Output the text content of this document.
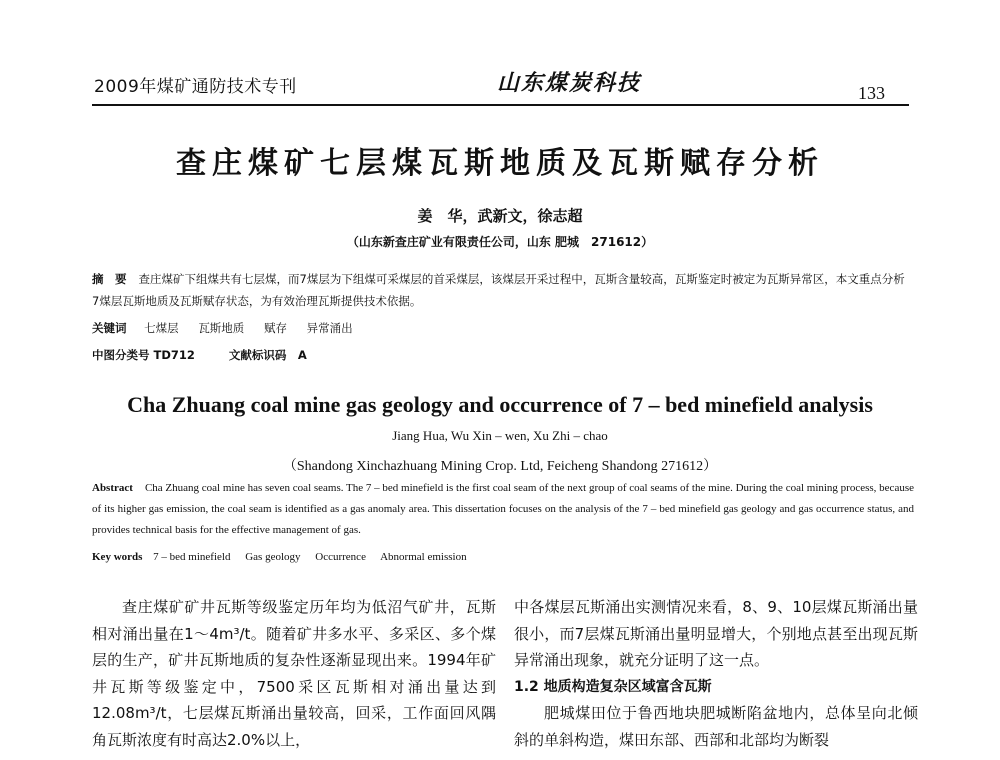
2009年煤矿通防技术专刊	山东煤炭科技	133
查庄煤矿七层煤瓦斯地质及瓦斯赋存分析
姜　华，武新文，徐志超
（山东新查庄矿业有限责任公司，山东 肥城　271612）
摘　要 查庄煤矿下组煤共有七层煤，而7煤层为下组煤可采煤层的首采煤层，该煤层开采过程中，瓦斯含量较高，瓦斯鉴定时被定为瓦斯异常区，本文重点分析7煤层瓦斯地质及瓦斯赋存状态，为有效治理瓦斯提供技术依据。
关键词 七煤层 瓦斯地质 赋存 异常涌出
中图分类号 TD712	文献标识码　A
Cha Zhuang coal mine gas geology and occurrence of 7 – bed minefield analysis
Jiang Hua, Wu Xin – wen, Xu Zhi – chao
（Shandong Xinchazhuang Mining Crop. Ltd, Feicheng Shandong 271612）
Abstract Cha Zhuang coal mine has seven coal seams. The 7 – bed minefield is the first coal seam of the next group of coal seams of the mine. During the coal mining process, because of its higher gas emission, the coal seam is identified as a gas anomaly area. This dissertation focuses on the analysis of the 7 – bed minefield gas geology and gas occurrence status, and provides technical basis for the effective management of gas.
Key words 7 – bed minefield Gas geology Occurrence Abnormal emission

查庄煤矿矿井瓦斯等级鉴定历年均为低沼气矿井，瓦斯相对涌出量在1～4m³/t。随着矿井多水平、多采区、多个煤层的生产，矿井瓦斯地质的复杂性逐渐显现出来。1994年矿井瓦斯等级鉴定中，7500采区瓦斯相对涌出量达到12.08m³/t，七层煤瓦斯涌出量较高，回采，工作面回风隅角瓦斯浓度有时高达2.0%以上，

中各煤层瓦斯涌出实测情况来看，8、9、10层煤瓦斯涌出量很小，而7层煤瓦斯涌出量明显增大，个别地点甚至出现瓦斯异常涌出现象，就充分证明了这一点。

1.2 地质构造复杂区域富含瓦斯

肥城煤田位于鲁西地块肥城断陷盆地内，总体呈向北倾斜的单斜构造，煤田东部、西部和北部均为断裂
